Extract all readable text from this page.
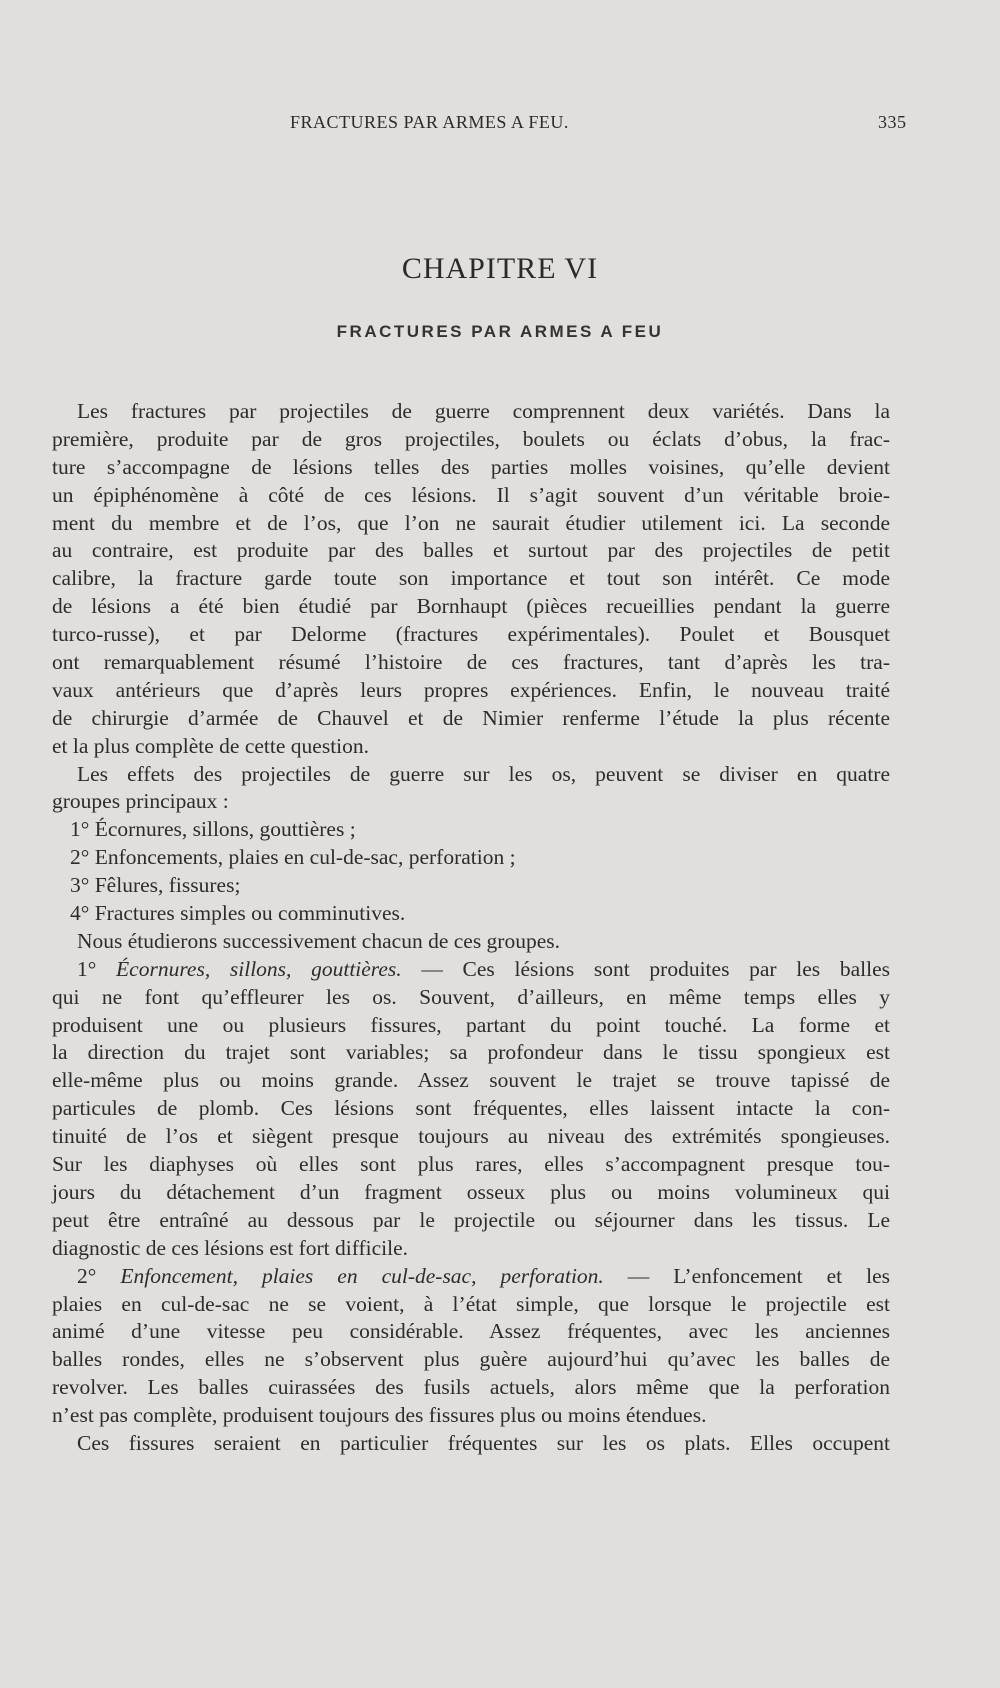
FRACTURES PAR ARMES A FEU.	335
CHAPITRE VI
FRACTURES PAR ARMES A FEU
Les fractures par projectiles de guerre comprennent deux variétés. Dans la
première, produite par de gros projectiles, boulets ou éclats d’obus, la frac-
ture s’accompagne de lésions telles des parties molles voisines, qu’elle devient
un épiphénomène à côté de ces lésions. Il s’agit souvent d’un véritable broie-
ment du membre et de l’os, que l’on ne saurait étudier utilement ici. La seconde
au contraire, est produite par des balles et surtout par des projectiles de petit
calibre, la fracture garde toute son importance et tout son intérêt. Ce mode
de lésions a été bien étudié par Bornhaupt (pièces recueillies pendant la guerre
turco-russe), et par Delorme (fractures expérimentales). Poulet et Bousquet
ont remarquablement résumé l’histoire de ces fractures, tant d’après les tra-
vaux antérieurs que d’après leurs propres expériences. Enfin, le nouveau traité
de chirurgie d’armée de Chauvel et de Nimier renferme l’étude la plus récente
et la plus complète de cette question.
Les effets des projectiles de guerre sur les os, peuvent se diviser en quatre
groupes principaux :
1° Écornures, sillons, gouttières ;
2° Enfoncements, plaies en cul-de-sac, perforation ;
3° Fêlures, fissures;
4° Fractures simples ou comminutives.
Nous étudierons successivement chacun de ces groupes.
1° Écornures, sillons, gouttières. — Ces lésions sont produites par les balles
qui ne font qu’effleurer les os. Souvent, d’ailleurs, en même temps elles y
produisent une ou plusieurs fissures, partant du point touché. La forme et
la direction du trajet sont variables; sa profondeur dans le tissu spongieux est
elle-même plus ou moins grande. Assez souvent le trajet se trouve tapissé de
particules de plomb. Ces lésions sont fréquentes, elles laissent intacte la con-
tinuité de l’os et siègent presque toujours au niveau des extrémités spongieuses.
Sur les diaphyses où elles sont plus rares, elles s’accompagnent presque tou-
jours du détachement d’un fragment osseux plus ou moins volumineux qui
peut être entraîné au dessous par le projectile ou séjourner dans les tissus. Le
diagnostic de ces lésions est fort difficile.
2° Enfoncement, plaies en cul-de-sac, perforation. — L’enfoncement et les
plaies en cul-de-sac ne se voient, à l’état simple, que lorsque le projectile est
animé d’une vitesse peu considérable. Assez fréquentes, avec les anciennes
balles rondes, elles ne s’observent plus guère aujourd’hui qu’avec les balles de
revolver. Les balles cuirassées des fusils actuels, alors même que la perforation
n’est pas complète, produisent toujours des fissures plus ou moins étendues.
Ces fissures seraient en particulier fréquentes sur les os plats. Elles occupent
